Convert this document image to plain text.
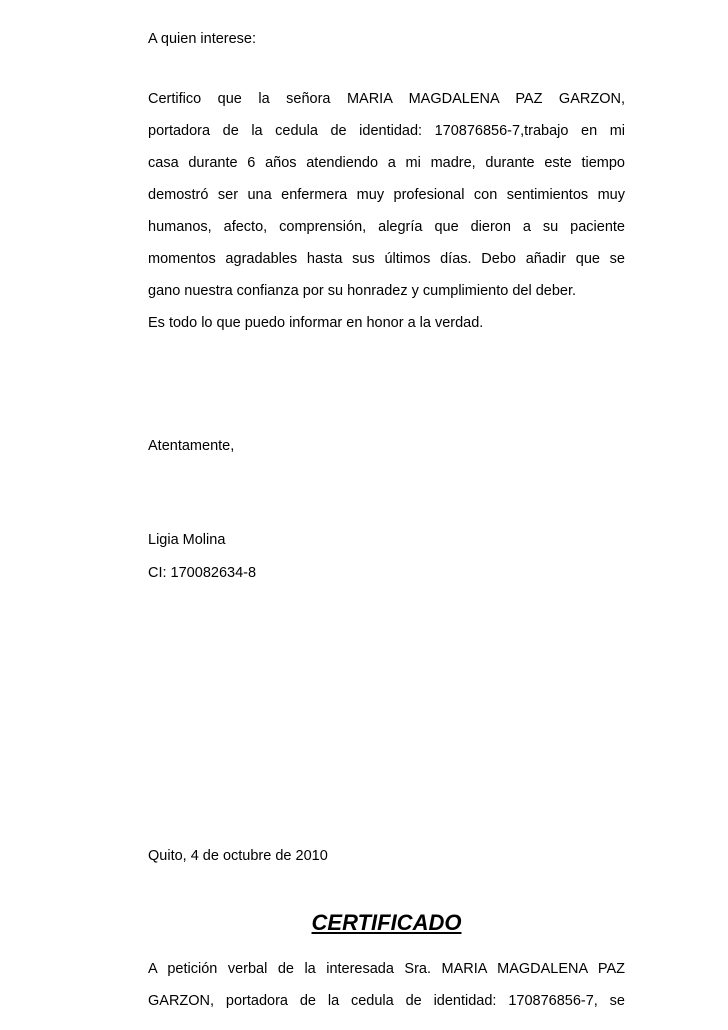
A quien interese:
Certifico que la señora MARIA MAGDALENA PAZ GARZON,
portadora de la cedula de identidad: 170876856-7,trabajo en mi
casa durante 6 años atendiendo a mi madre, durante este tiempo
demostró ser una enfermera muy profesional con sentimientos muy
humanos, afecto, comprensión, alegría que dieron a su paciente
momentos agradables hasta sus últimos días. Debo añadir que se
gano nuestra confianza por su honradez y cumplimiento del deber.
Es todo lo que puedo informar en honor a la verdad.
Atentamente,
Ligia Molina
CI: 170082634-8
Quito, 4 de octubre de 2010
CERTIFICADO
A petición verbal de la interesada Sra. MARIA MAGDALENA PAZ
GARZON, portadora de la cedula de identidad: 170876856-7, se
